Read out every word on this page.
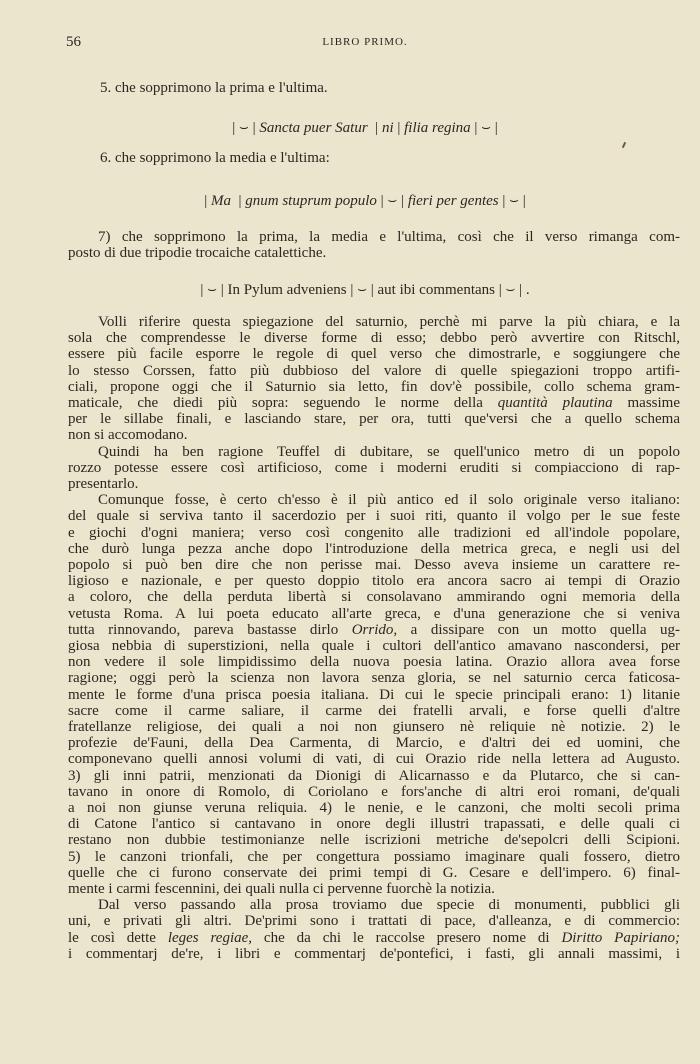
56	LIBRO PRIMO.
5. che sopprimono la prima e l'ultima.
| ⌣ | Sancta puer Satur  | ni | filia regina | ⌣ |
6. che sopprimono la media e l'ultima:
| Ma  | gnum stuprum populo | ⌣ | fieri per gentes | ⌣ |
7) che sopprimono la prima, la media e l'ultima, così che il verso rimanga com-
posto di due tripodie trocaiche catalettiche.
| ⌣ | In Pylum adveniens | ⌣ | aut ibi commentans | ⌣ | .
Volli riferire questa spiegazione del saturnio, perchè mi parve la più chiara, e la
sola che comprendesse le diverse forme di esso; debbo però avvertire con Ritschl,
essere più facile esporre le regole di quel verso che dimostrarle, e soggiungere che
lo stesso Corssen, fatto più dubbioso del valore di quelle spiegazioni troppo artifi-
ciali, propone oggi che il Saturnio sia letto, fin dov'è possibile, collo schema gram-
maticale, che diedi più sopra: seguendo le norme della quantità plautina massime
per le sillabe finali, e lasciando stare, per ora, tutti que'versi che a quello schema
non si accomodano.
Quindi ha ben ragione Teuffel di dubitare, se quell'unico metro di un popolo
rozzo potesse essere così artificioso, come i moderni eruditi si compiacciono di rap-
presentarlo.
Comunque fosse, è certo ch'esso è il più antico ed il solo originale verso italiano:
del quale si serviva tanto il sacerdozio per i suoi riti, quanto il volgo per le sue feste
e giochi d'ogni maniera; verso così congenito alle tradizioni ed all'indole popolare,
che durò lunga pezza anche dopo l'introduzione della metrica greca, e negli usi del
popolo si può ben dire che non perisse mai. Desso aveva insieme un carattere re-
ligioso e nazionale, e per questo doppio titolo era ancora sacro ai tempi di Orazio
a coloro, che della perduta libertà si consolavano ammirando ogni memoria della
vetusta Roma. A lui poeta educato all'arte greca, e d'una generazione che si veniva
tutta rinnovando, pareva bastasse dirlo Orrido, a dissipare con un motto quella ug-
giosa nebbia di superstizioni, nella quale i cultori dell'antico amavano nascondersi, per
non vedere il sole limpidissimo della nuova poesia latina. Orazio allora avea forse
ragione; oggi però la scienza non lavora senza gloria, se nel saturnio cerca faticosa-
mente le forme d'una prisca poesia italiana. Di cui le specie principali erano: 1) litanie
sacre come il carme saliare, il carme dei fratelli arvali, e forse quelli d'altre
fratellanze religiose, dei quali a noi non giunsero nè reliquie nè notizie. 2) le
profezie de'Fauni, della Dea Carmenta, di Marcio, e d'altri dei ed uomini, che
componevano quelli annosi volumi di vati, di cui Orazio ride nella lettera ad Augusto.
3) gli inni patrii, menzionati da Dionigi di Alicarnasso e da Plutarco, che si can-
tavano in onore di Romolo, di Coriolano e fors'anche di altri eroi romani, de'quali
a noi non giunse veruna reliquia. 4) le nenie, e le canzoni, che molti secoli prima
di Catone l'antico si cantavano in onore degli illustri trapassati, e delle quali ci
restano non dubbie testimonianze nelle iscrizioni metriche de'sepolcri delli Scipioni.
5) le canzoni trionfali, che per congettura possiamo imaginare quali fossero, dietro
quelle che ci furono conservate dei primi tempi di G. Cesare e dell'impero. 6) final-
mente i carmi fescennini, dei quali nulla ci pervenne fuorchè la notizia.
Dal verso passando alla prosa troviamo due specie di monumenti, pubblici gli
uni, e privati gli altri. De'primi sono i trattati di pace, d'alleanza, e di commercio:
le così dette leges regiae, che da chi le raccolse presero nome di Diritto Papiriano;
i commentarj de're, i libri e commentarj de'pontefici, i fasti, gli annali massimi, i
